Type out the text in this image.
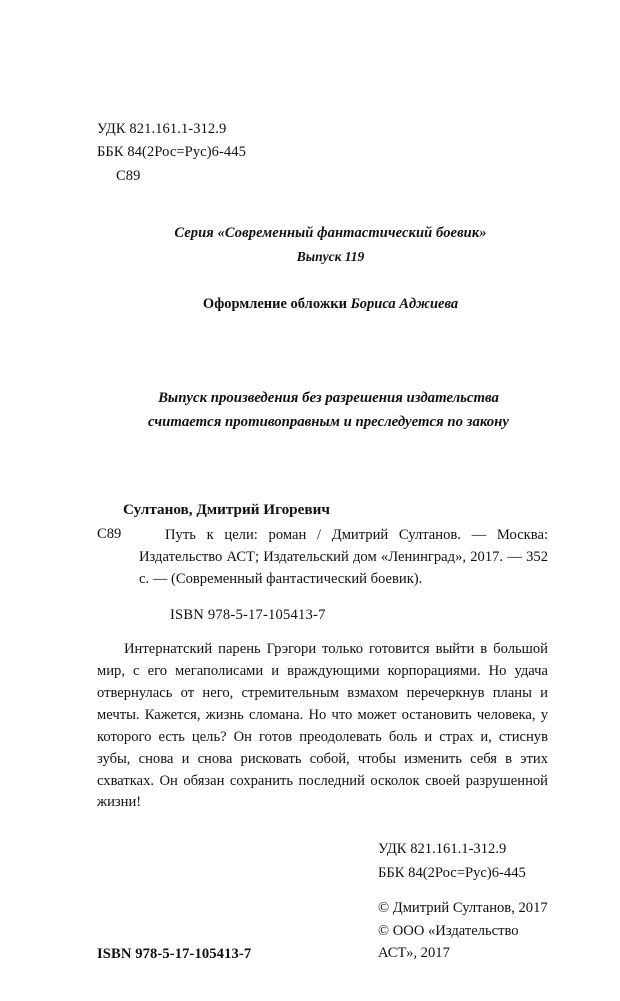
УДК 821.161.1-312.9
ББК 84(2Рос=Рус)6-445
С89
Серия «Современный фантастический боевик»
Выпуск 119
Оформление обложки Бориса Аджиева
Выпуск произведения без разрешения издательства
считается противоправным и преследуется по закону
Султанов, Дмитрий Игоревич
С89	Путь к цели: роман / Дмитрий Султанов. — Москва: Издательство АСТ; Издательский дом «Ленинград», 2017. — 352 с. — (Современный фантастический боевик).
ISBN 978-5-17-105413-7
Интернатский парень Грэгори только готовится выйти в большой мир, с его мегаполисами и враждующими корпорациями. Но удача отвернулась от него, стремительным взмахом перечеркнув планы и мечты. Кажется, жизнь сломана. Но что может остановить человека, у которого есть цель? Он готов преодолевать боль и страх и, стиснув зубы, снова и снова рисковать собой, чтобы изменить себя в этих схватках. Он обязан сохранить последний осколок своей разрушенной жизни!
УДК 821.161.1-312.9
ББК 84(2Рос=Рус)6-445
© Дмитрий Султанов, 2017
© ООО «Издательство АСТ», 2017
ISBN 978-5-17-105413-7
